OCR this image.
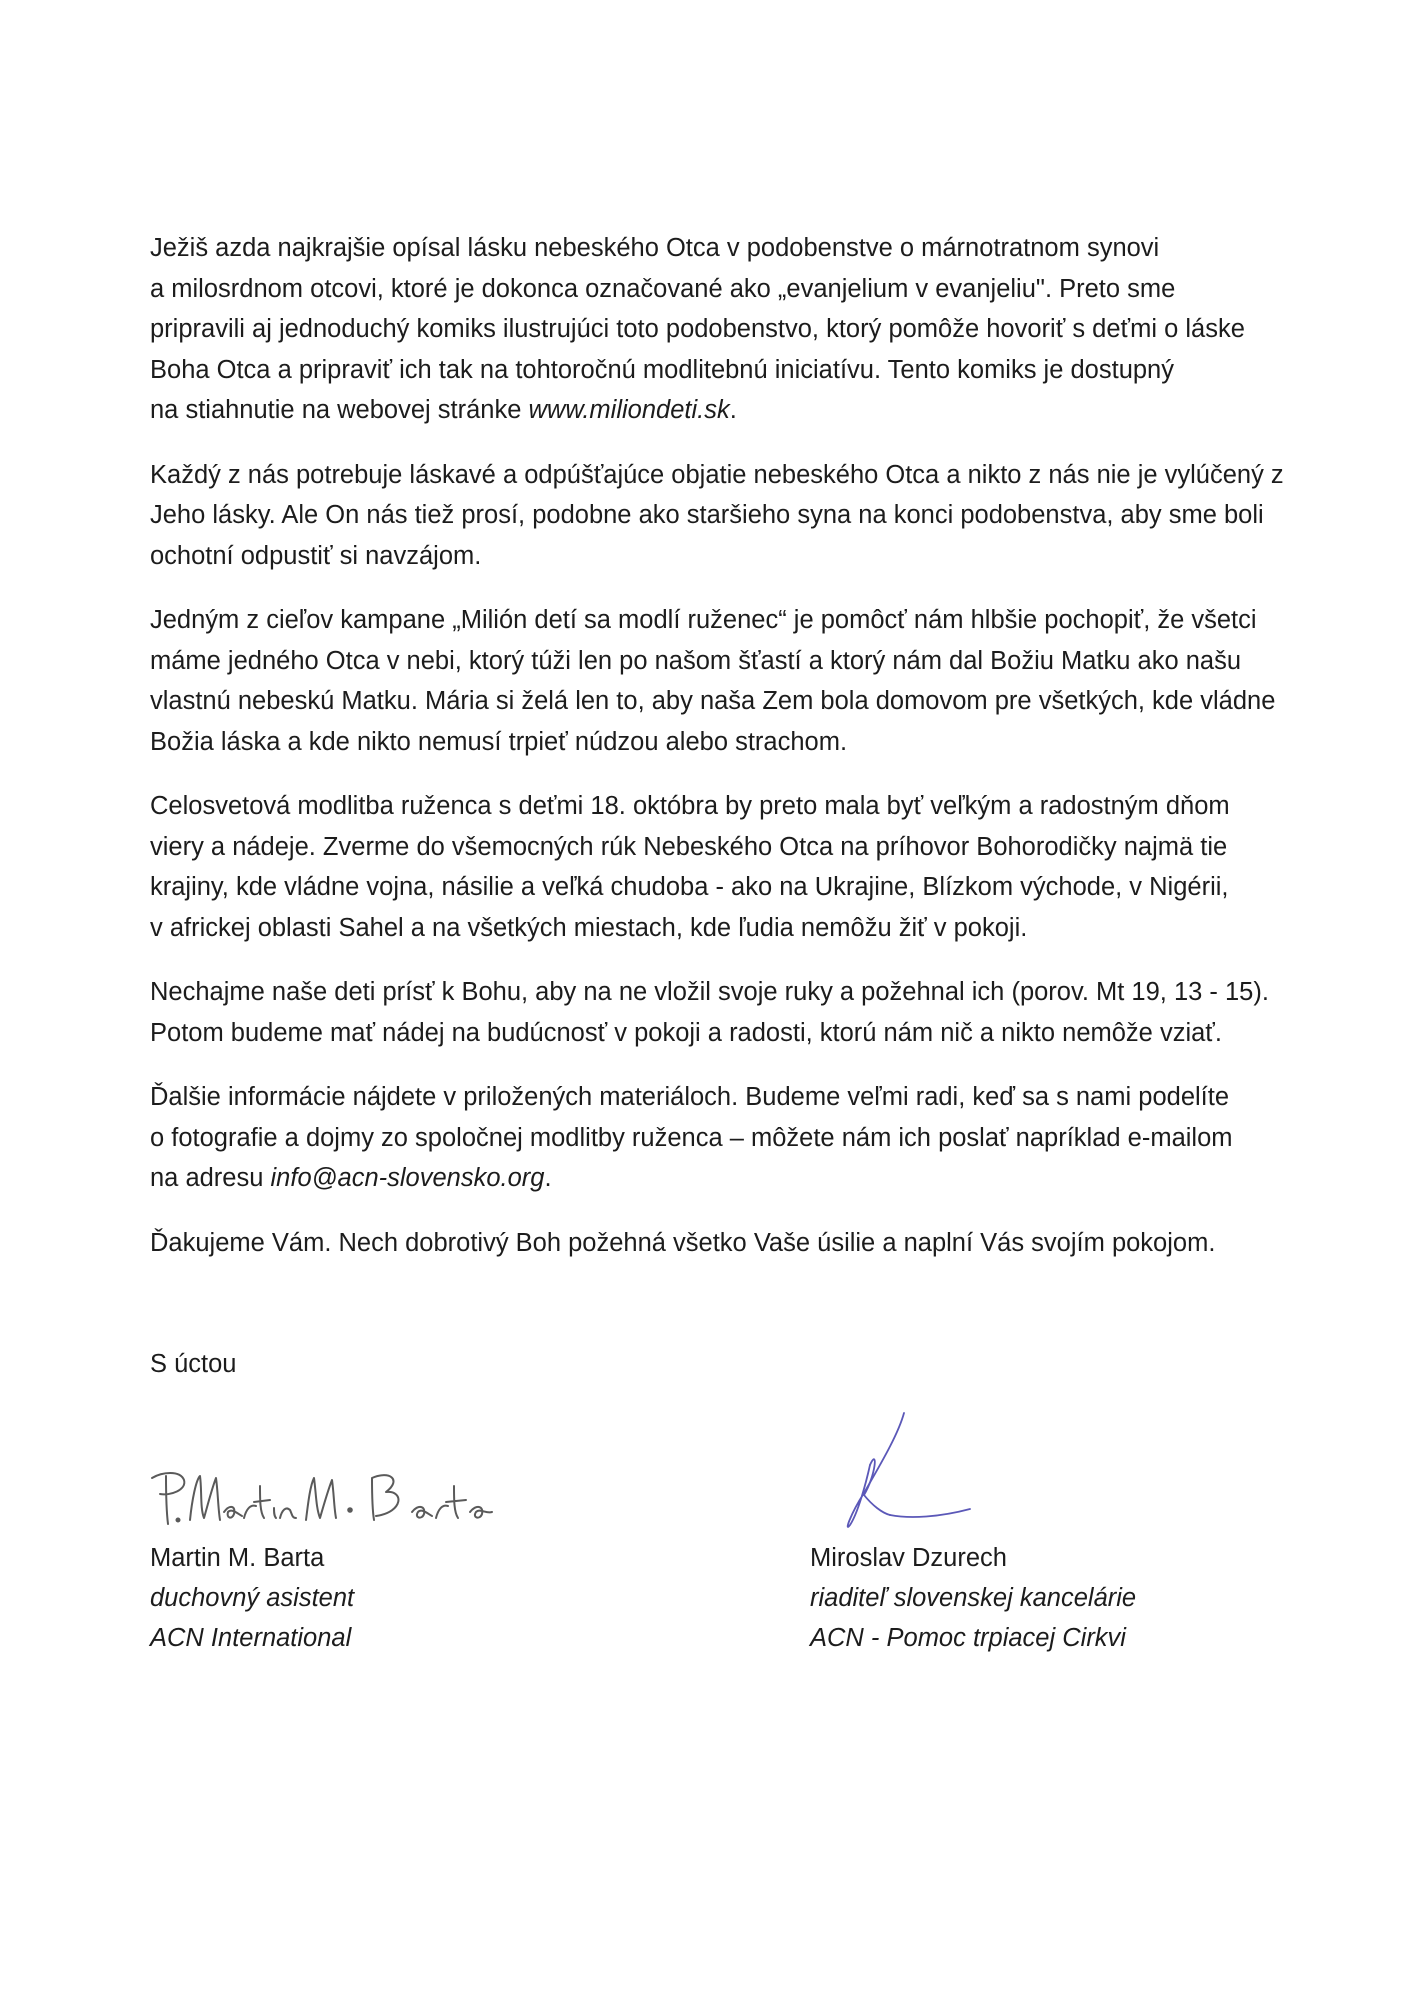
Ježiš azda najkrajšie opísal lásku nebeského Otca v podobenstve o márnotratnom synovi
a milosrdnom otcovi, ktoré je dokonca označované ako „evanjelium v evanjeliu". Preto sme
pripravili aj jednoduchý komiks ilustrujúci toto podobenstvo, ktorý pomôže hovoriť s deťmi o láske
Boha Otca a pripraviť ich tak na tohtoročnú modlitebnú iniciatívu. Tento komiks je dostupný
na stiahnutie na webovej stránke www.miliondeti.sk.

Každý z nás potrebuje láskavé a odpúšťajúce objatie nebeského Otca a nikto z nás nie je vylúčený z
Jeho lásky. Ale On nás tiež prosí, podobne ako staršieho syna na konci podobenstva, aby sme boli
ochotní odpustiť si navzájom.

Jedným z cieľov kampane „Milión detí sa modlí ruženec“ je pomôcť nám hlbšie pochopiť, že všetci
máme jedného Otca v nebi, ktorý túži len po našom šťastí a ktorý nám dal Božiu Matku ako našu
vlastnú nebeskú Matku. Mária si želá len to, aby naša Zem bola domovom pre všetkých, kde vládne
Božia láska a kde nikto nemusí trpieť núdzou alebo strachom.

Celosvetová modlitba ruženca s deťmi 18. októbra by preto mala byť veľkým a radostným dňom
viery a nádeje. Zverme do všemocných rúk Nebeského Otca na príhovor Bohorodičky najmä tie
krajiny, kde vládne vojna, násilie a veľká chudoba - ako na Ukrajine, Blízkom východe, v Nigérii,
v africkej oblasti Sahel a na všetkých miestach, kde ľudia nemôžu žiť v pokoji.

Nechajme naše deti prísť k Bohu, aby na ne vložil svoje ruky a požehnal ich (porov. Mt 19, 13 - 15).
Potom budeme mať nádej na budúcnosť v pokoji a radosti, ktorú nám nič a nikto nemôže vziať.

Ďalšie informácie nájdete v priložených materiáloch. Budeme veľmi radi, keď sa s nami podelíte
o fotografie a dojmy zo spoločnej modlitby ruženca – môžete nám ich poslať napríklad e-mailom
na adresu info@acn-slovensko.org.

Ďakujeme Vám. Nech dobrotivý Boh požehná všetko Vaše úsilie a naplní Vás svojím pokojom.

S úctou

Martin M. Barta
duchovný asistent
ACN International
Miroslav Dzurech
riaditeľ slovenskej kancelárie
ACN - Pomoc trpiacej Cirkvi
